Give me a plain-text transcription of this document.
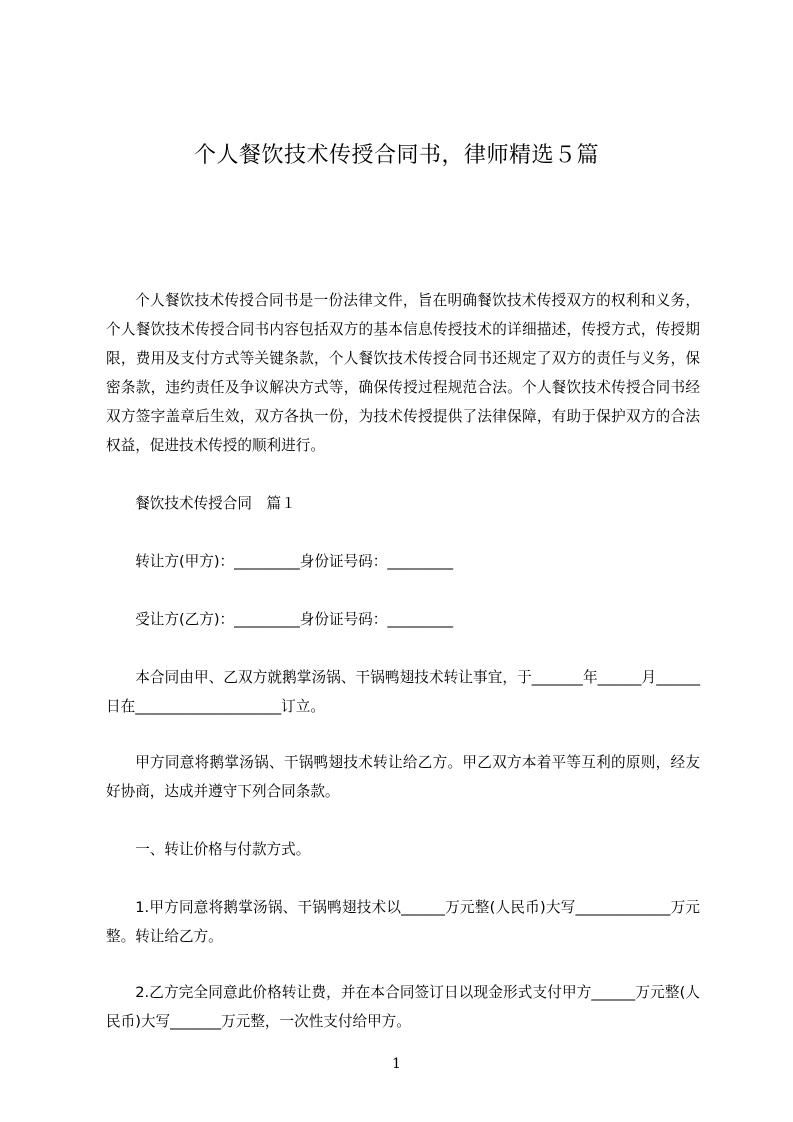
个人餐饮技术传授合同书，律师精选５篇

个人餐饮技术传授合同书是一份法律文件，旨在明确餐饮技术传授双方的权利和义务，个人餐饮技术传授合同书内容包括双方的基本信息传授技术的详细描述，传授方式，传授期限，费用及支付方式等关键条款，个人餐饮技术传授合同书还规定了双方的责任与义务，保密条款，违约责任及争议解决方式等，确保传授过程规范合法。个人餐饮技术传授合同书经双方签字盖章后生效，双方各执一份，为技术传授提供了法律保障，有助于保护双方的合法权益，促进技术传授的顺利进行。

餐饮技术传授合同　篇１

转让方(甲方)：_________身份证号码：_________

受让方(乙方)：_________身份证号码：_________

本合同由甲、乙双方就鹅掌汤锅、干锅鸭翅技术转让事宜，于_______年______月______日在____________________订立。

甲方同意将鹅掌汤锅、干锅鸭翅技术转让给乙方。甲乙双方本着平等互利的原则，经友好协商，达成并遵守下列合同条款。

一、转让价格与付款方式。

1.甲方同意将鹅掌汤锅、干锅鸭翅技术以______万元整(人民币)大写_____________万元整。转让给乙方。

2.乙方完全同意此价格转让费，并在本合同签订日以现金形式支付甲方______万元整(人民币)大写_______万元整，一次性支付给甲方。

1
